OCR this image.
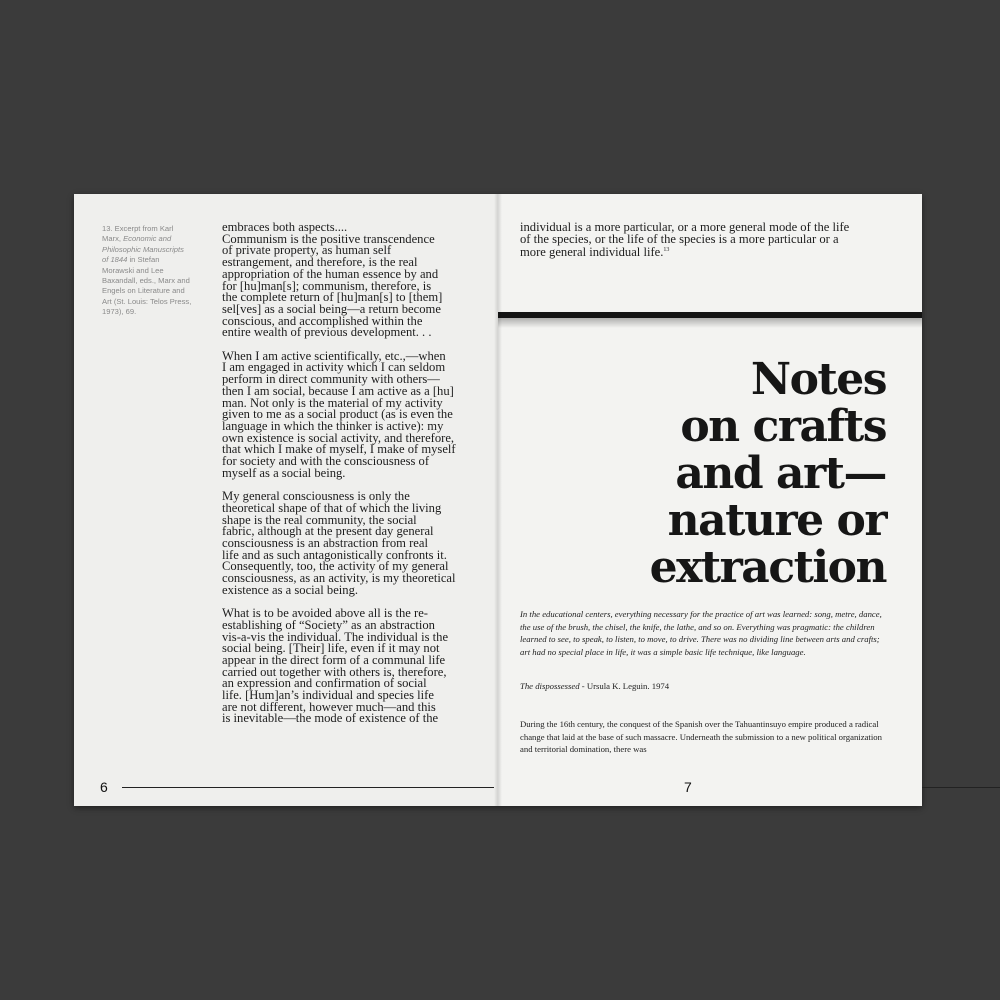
13. Excerpt from Karl Marx, Economic and Philosophic Manuscripts of 1844 in Stefan Morawski and Lee Baxandall, eds., Marx and Engels on Literature and Art (St. Louis: Telos Press, 1973), 69.

embraces both aspects....
Communism is the positive transcendence
of private property, as human self
estrangement, and therefore, is the real
appropriation of the human essence by and
for [hu]man[s]; communism, therefore, is
the complete return of [hu]man[s] to [them]
sel[ves] as a social being—a return become
conscious, and accomplished within the
entire wealth of previous development. . .

When I am active scientifically, etc.,—when
I am engaged in activity which I can seldom
perform in direct community with others—
then I am social, because I am active as a [hu]
man. Not only is the material of my activity
given to me as a social product (as is even the
language in which the thinker is active): my
own existence is social activity, and therefore,
that which I make of myself, I make of myself
for society and with the consciousness of
myself as a social being.

My general consciousness is only the
theoretical shape of that of which the living
shape is the real community, the social
fabric, although at the present day general
consciousness is an abstraction from real
life and as such antagonistically confronts it.
Consequently, too, the activity of my general
consciousness, as an activity, is my theoretical
existence as a social being.

What is to be avoided above all is the re-
establishing of “Society” as an abstraction
vis-a-vis the individual. The individual is the
social being. [Their] life, even if it may not
appear in the direct form of a communal life
carried out together with others is, therefore,
an expression and confirmation of social
life. [Hum]an’s individual and species life
are not different, however much—and this
is inevitable—the mode of existence of the

6
individual is a more particular, or a more general mode of the life
of the species, or the life of the species is a more particular or a
more general individual life.$^{13}$
Notes
on crafts
and art—
nature or
extraction
In the educational centers, everything necessary for the practice of art was learned: song, metre, dance, the use of the brush, the chisel, the knife, the lathe, and so on. Everything was pragmatic: the children learned to see, to speak, to listen, to move, to drive. There was no dividing line between arts and crafts; art had no special place in life, it was a simple basic life technique, like language.
The dispossessed - Ursula K. Leguin. 1974
During the 16th century, the conquest of the Spanish over the Tahuantinsuyo empire produced a radical change that laid at the base of such massacre. Underneath the submission to a new political organization and territorial domination, there was
7
